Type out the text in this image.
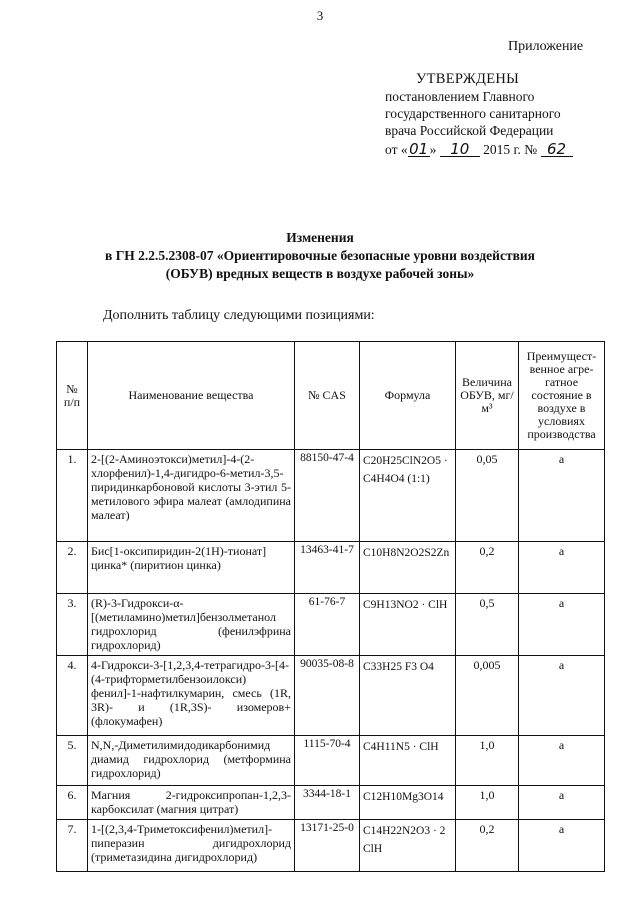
3
Приложение
УТВЕРЖДЕНЫ
постановлением Главного
государственного санитарного
врача Российской Федерации
от «01» 10 2015 г. № 62
Изменения
в ГН 2.2.5.2308-07 «Ориентировочные безопасные уровни воздействия
(ОБУВ) вредных веществ в воздухе рабочей зоны»
Дополнить таблицу следующими позициями:
№ п/п	Наименование вещества	№ CAS	Формула	Величина ОБУВ, мг/м³	Преимущест-венное агре-гатное состояние в воздухе в условиях производства
1.	2-[(2-Аминоэтокси)метил]-4-(2-хлорфенил)-1,4-дигидро-6-метил-3,5-пиридинкарбоновой кислоты 3-этил 5-метилового эфира малеат (амлодипина малеат)	88150-47-4	C20H25ClN2O5 · C4H4O4 (1:1)	0,05	а
2.	Бис[1-оксипиридин-2(1Н)-тионат] цинка* (пиритион цинка)	13463-41-7	C10H8N2O2S2Zn	0,2	а
3.	(R)-3-Гидрокси-α-[(метиламино)метил]бензолметанол гидрохлорид (фенилэфрина гидрохлорид)	61-76-7	C9H13NO2 · ClH	0,5	а
4.	4-Гидрокси-3-[1,2,3,4-тетрагидро-3-[4-(4-трифторметилбензоилокси) фенил]-1-нафтилкумарин, смесь (1R, 3R)- и (1R,3S)- изомеров+ (флокумафен)	90035-08-8	C33H25 F3 O4	0,005	а
5.	N,N,-Диметилимидодикарбонимид диамид гидрохлорид (метформина гидрохлорид)	1115-70-4	C4H11N5 · ClH	1,0	а
6.	Магния 2-гидроксипропан-1,2,3-карбоксилат (магния цитрат)	3344-18-1	C12H10Mg3O14	1,0	а
7.	1-[(2,3,4-Триметоксифенил)метил]-пиперазин дигидрохлорид (триметазидина дигидрохлорид)	13171-25-0	C14H22N2O3 · 2 ClH	0,2	а
